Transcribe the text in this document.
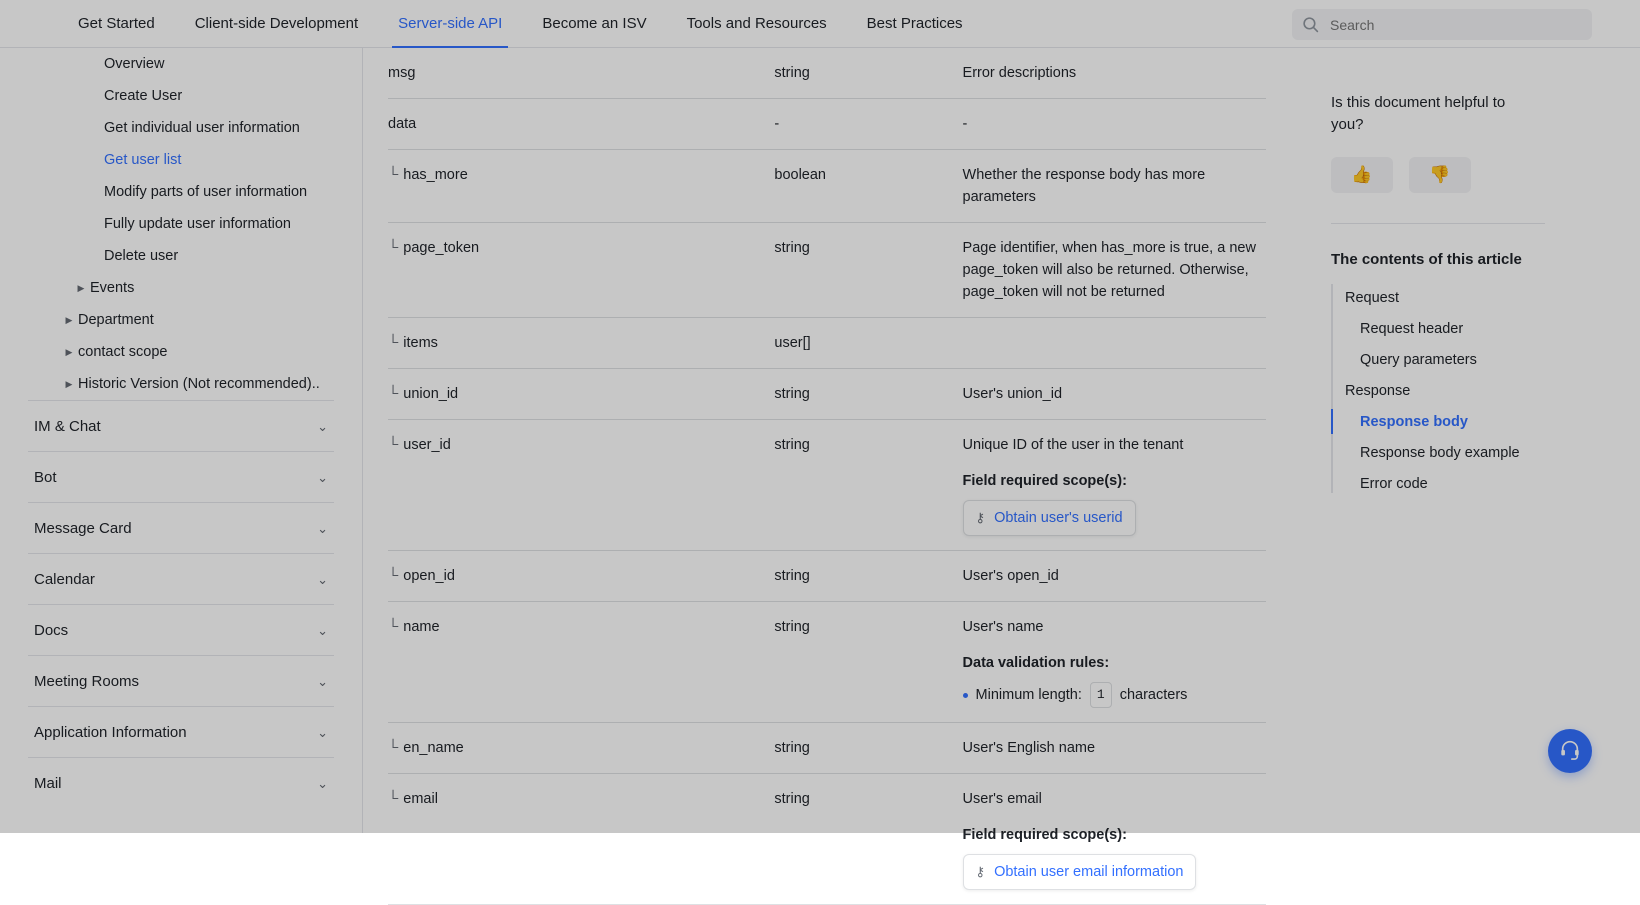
Get Started	Client-side Development	Server-side API	Become an ISV	Tools and Resources	Best Practices
Search
Overview
Create User
Get individual user information
Get user list
Modify parts of user information
Fully update user information
Delete user
▶ Events
▶ Department
▶ contact scope
▶ Historic Version (Not recommended)..
IM & Chat	⌄
Bot	⌄
Message Card	⌄
Calendar	⌄
Docs	⌄
Meeting Rooms	⌄
Application Information	⌄
Mail	⌄
msg	string	Error descriptions
data	-	-
└ has_more	boolean	Whether the response body has more parameters
└ page_token	string	Page identifier, when has_more is true, a new page_token will also be returned. Otherwise, page_token will not be returned
└ items	user[]	
└ union_id	string	User's union_id
└ user_id	string	Unique ID of the user in the tenant
Field required scope(s):
⚷ Obtain user's userid

└ open_id	string	User's open_id
└ name	string	User's name
Data validation rules:
Minimum length:	1	characters

└ en_name	string	User's English name
└ email	string	User's email
Field required scope(s):
⚷ Obtain user email information
Is this document helpful to you?
👍	👎
The contents of this article
Request
Request header
Query parameters
Response
Response body
Response body example
Error code
